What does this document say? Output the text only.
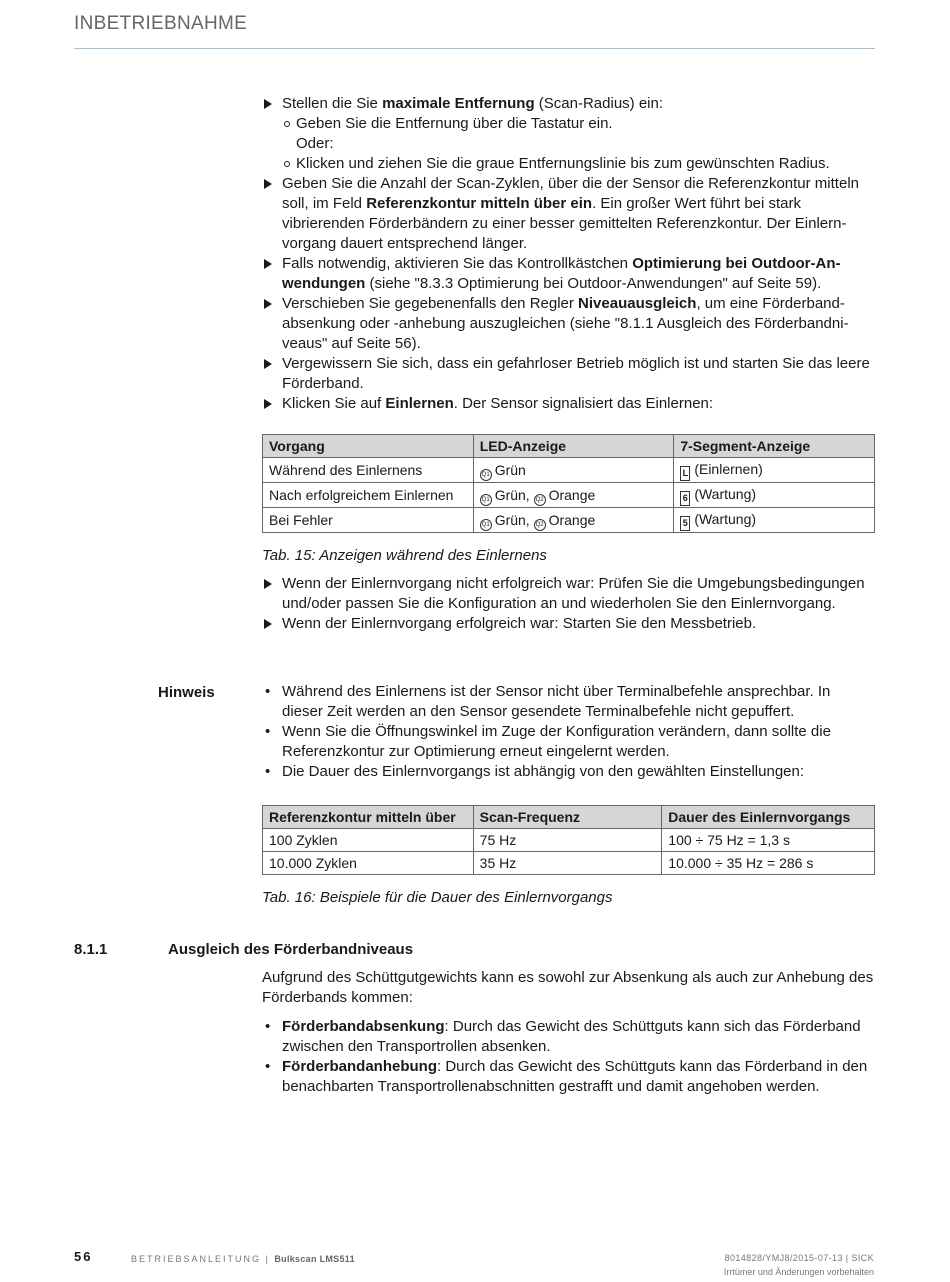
INBETRIEBNAHME
Stellen die Sie maximale Entfernung (Scan-Radius) ein:
Geben Sie die Entfernung über die Tastatur ein.
Oder:
Klicken und ziehen Sie die graue Entfernungslinie bis zum gewünschten Radius.
Geben Sie die Anzahl der Scan-Zyklen, über die der Sensor die Referenzkontur mitteln soll, im Feld Referenzkontur mitteln über ein. Ein großer Wert führt bei stark vibrierenden Förderbändern zu einer besser gemittelten Referenzkontur. Der Einlernvorgang dauert entsprechend länger.
Falls notwendig, aktivieren Sie das Kontrollkästchen Optimierung bei Outdoor-Anwendungen (siehe "8.3.3 Optimierung bei Outdoor-Anwendungen" auf Seite 59).
Verschieben Sie gegebenenfalls den Regler Niveauausgleich, um eine Förderbandabsenkung oder -anhebung auszugleichen (siehe "8.1.1 Ausgleich des Förderbandniveaus" auf Seite 56).
Vergewissern Sie sich, dass ein gefahrloser Betrieb möglich ist und starten Sie das leere Förderband.
Klicken Sie auf Einlernen. Der Sensor signalisiert das Einlernen:
Vorgang	LED-Anzeige	7-Segment-Anzeige
Während des Einlernens	Q1 Grün	L (Einlernen)
Nach erfolgreichem Einlernen	Q1 Grün, Q2 Orange	6 (Wartung)
Bei Fehler	Q1 Grün, Q2 Orange	5 (Wartung)
Tab. 15: Anzeigen während des Einlernens
Wenn der Einlernvorgang nicht erfolgreich war: Prüfen Sie die Umgebungsbedingungen und/oder passen Sie die Konfiguration an und wiederholen Sie den Einlernvorgang.
Wenn der Einlernvorgang erfolgreich war: Starten Sie den Messbetrieb.
Hinweis	• Während des Einlernens ist der Sensor nicht über Terminalbefehle ansprechbar. In dieser Zeit werden an den Sensor gesendete Terminalbefehle nicht gepuffert.
• Wenn Sie die Öffnungswinkel im Zuge der Konfiguration verändern, dann sollte die Referenzkontur zur Optimierung erneut eingelernt werden.
• Die Dauer des Einlernvorgangs ist abhängig von den gewählten Einstellungen:
Referenzkontur mitteln über	Scan-Frequenz	Dauer des Einlernvorgangs
100 Zyklen	75 Hz	100 ÷ 75 Hz = 1,3 s
10.000 Zyklen	35 Hz	10.000 ÷ 35 Hz = 286 s
Tab. 16: Beispiele für die Dauer des Einlernvorgangs
8.1.1	Ausgleich des Förderbandniveaus
Aufgrund des Schüttgutgewichts kann es sowohl zur Absenkung als auch zur Anhebung des Förderbands kommen:
• Förderbandabsenkung: Durch das Gewicht des Schüttguts kann sich das Förderband zwischen den Transportrollen absenken.
• Förderbandanhebung: Durch das Gewicht des Schüttguts kann das Förderband in den benachbarten Transportrollenabschnitten gestrafft und damit angehoben werden.
56	BETRIEBSANLEITUNG | Bulkscan LMS511	8014828/YMJ8/2015-07-13 | SICK
Irrtümer und Änderungen vorbehalten
